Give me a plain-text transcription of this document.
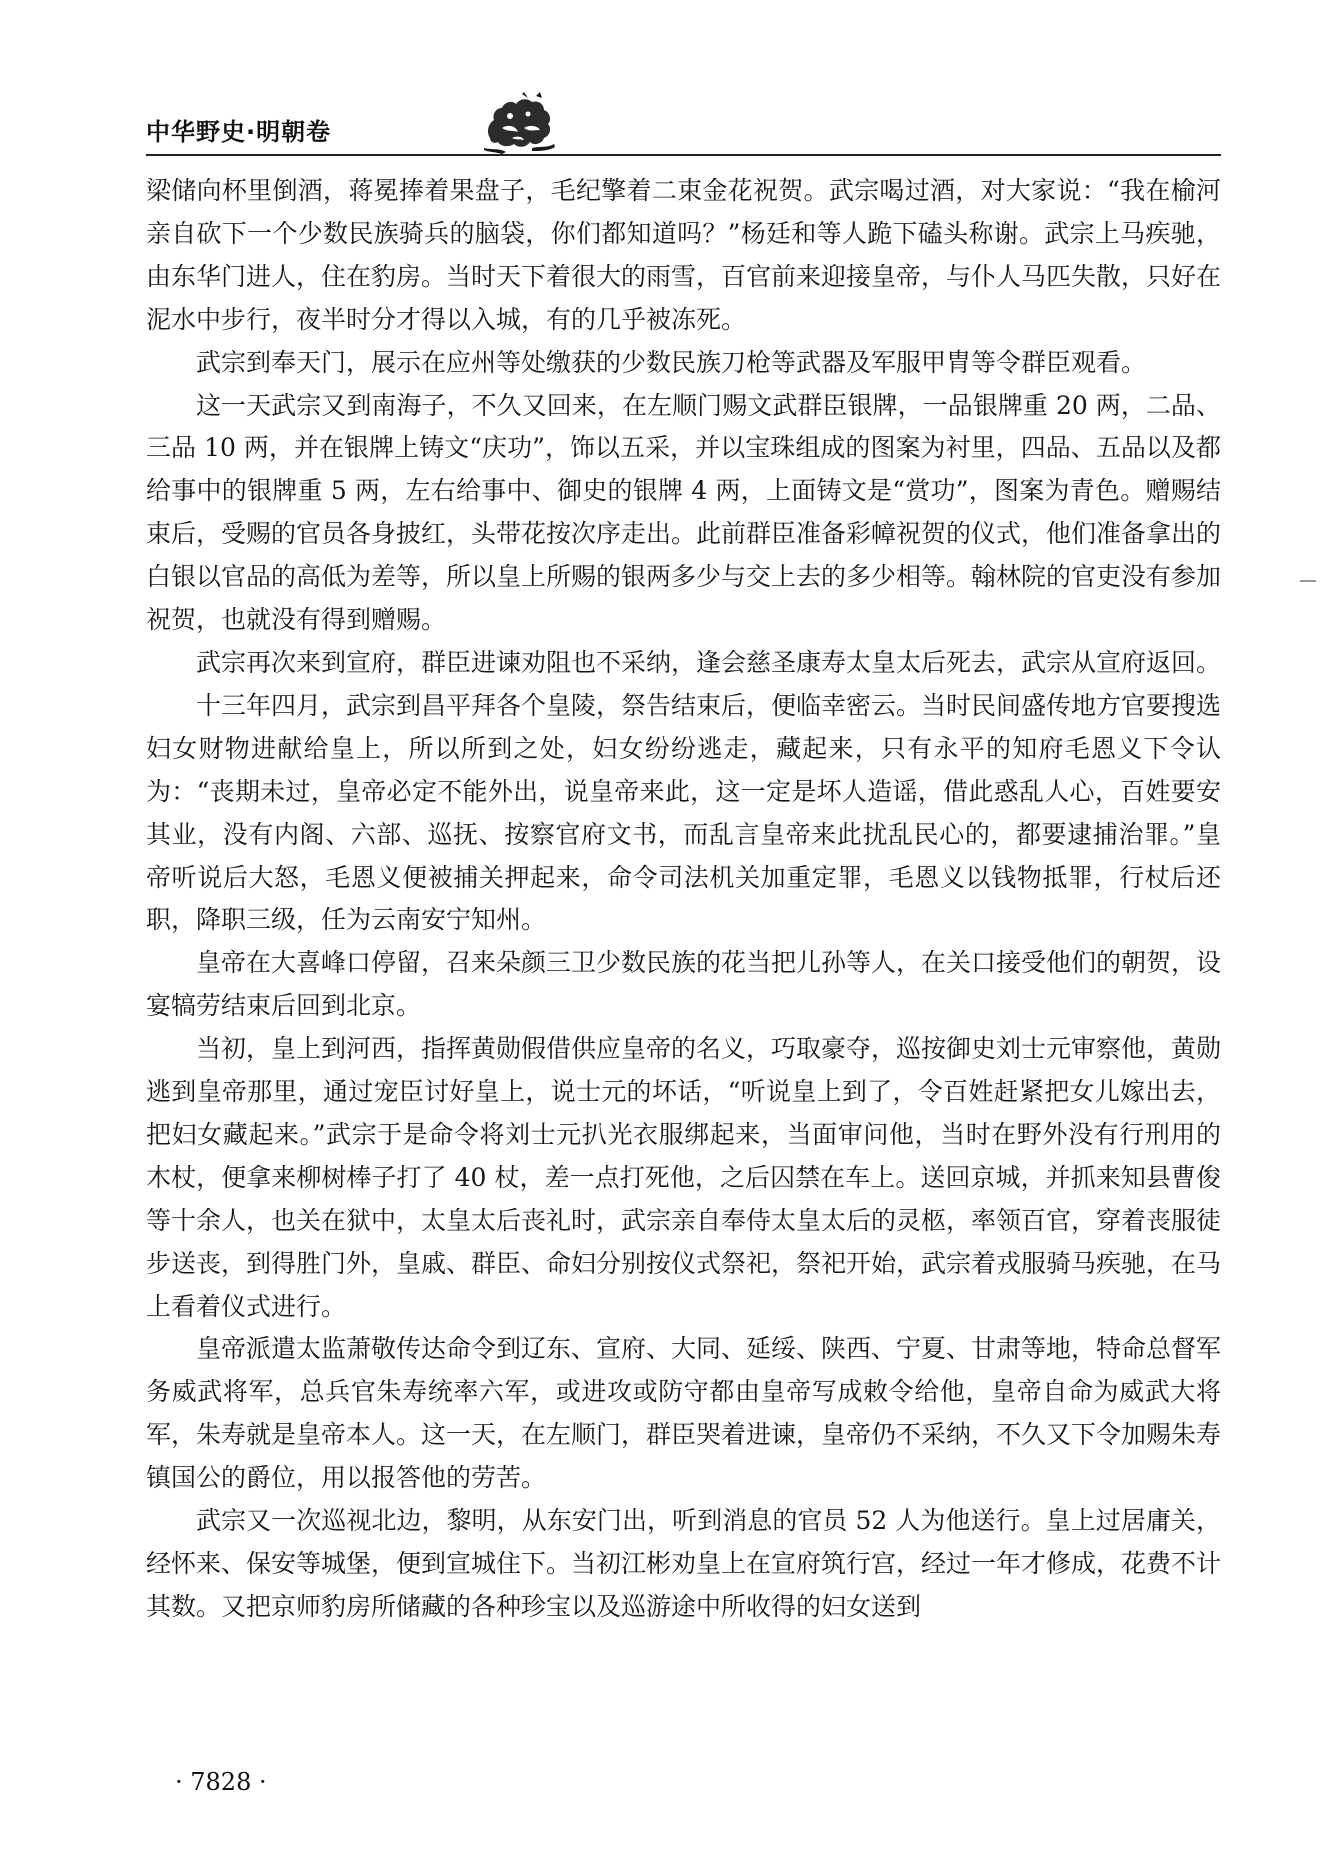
中华野史·明朝卷

梁储向杯里倒酒，蒋冕捧着果盘子，毛纪擎着二束金花祝贺。武宗喝过酒，对大家说：“我在榆河亲自砍下一个少数民族骑兵的脑袋，你们都知道吗？”杨廷和等人跪下磕头称谢。武宗上马疾驰，由东华门进人，住在豹房。当时天下着很大的雨雪，百官前来迎接皇帝，与仆人马匹失散，只好在泥水中步行，夜半时分才得以入城，有的几乎被冻死。

武宗到奉天门，展示在应州等处缴获的少数民族刀枪等武器及军服甲胄等令群臣观看。

这一天武宗又到南海子，不久又回来，在左顺门赐文武群臣银牌，一品银牌重 20 两，二品、三品 10 两，并在银牌上铸文“庆功”，饰以五采，并以宝珠组成的图案为衬里，四品、五品以及都给事中的银牌重 5 两，左右给事中、御史的银牌 4 两，上面铸文是“赏功”，图案为青色。赠赐结束后，受赐的官员各身披红，头带花按次序走出。此前群臣准备彩幛祝贺的仪式，他们准备拿出的白银以官品的高低为差等，所以皇上所赐的银两多少与交上去的多少相等。翰林院的官吏没有参加祝贺，也就没有得到赠赐。

武宗再次来到宣府，群臣进谏劝阻也不采纳，逢会慈圣康寿太皇太后死去，武宗从宣府返回。

十三年四月，武宗到昌平拜各个皇陵，祭告结束后，便临幸密云。当时民间盛传地方官要搜选妇女财物进献给皇上，所以所到之处，妇女纷纷逃走，藏起来，只有永平的知府毛恩义下令认为：“丧期未过，皇帝必定不能外出，说皇帝来此，这一定是坏人造谣，借此惑乱人心，百姓要安其业，没有内阁、六部、巡抚、按察官府文书，而乱言皇帝来此扰乱民心的，都要逮捕治罪。”皇帝听说后大怒，毛恩义便被捕关押起来，命令司法机关加重定罪，毛恩义以钱物抵罪，行杖后还职，降职三级，任为云南安宁知州。

皇帝在大喜峰口停留，召来朵颜三卫少数民族的花当把儿孙等人，在关口接受他们的朝贺，设宴犒劳结束后回到北京。

当初，皇上到河西，指挥黄勋假借供应皇帝的名义，巧取豪夺，巡按御史刘士元审察他，黄勋逃到皇帝那里，通过宠臣讨好皇上，说士元的坏话，“听说皇上到了，令百姓赶紧把女儿嫁出去，把妇女藏起来。”武宗于是命令将刘士元扒光衣服绑起来，当面审问他，当时在野外没有行刑用的木杖，便拿来柳树棒子打了 40 杖，差一点打死他，之后囚禁在车上。送回京城，并抓来知县曹俊等十余人，也关在狱中，太皇太后丧礼时，武宗亲自奉侍太皇太后的灵柩，率领百官，穿着丧服徒步送丧，到得胜门外，皇戚、群臣、命妇分别按仪式祭祀，祭祀开始，武宗着戎服骑马疾驰，在马上看着仪式进行。

皇帝派遣太监萧敬传达命令到辽东、宣府、大同、延绥、陕西、宁夏、甘肃等地，特命总督军务威武将军，总兵官朱寿统率六军，或进攻或防守都由皇帝写成敕令给他，皇帝自命为威武大将军，朱寿就是皇帝本人。这一天，在左顺门，群臣哭着进谏，皇帝仍不采纳，不久又下令加赐朱寿镇国公的爵位，用以报答他的劳苦。

武宗又一次巡视北边，黎明，从东安门出，听到消息的官员 52 人为他送行。皇上过居庸关，经怀来、保安等城堡，便到宣城住下。当初江彬劝皇上在宣府筑行宫，经过一年才修成，花费不计其数。又把京师豹房所储藏的各种珍宝以及巡游途中所收得的妇女送到

· 7828 ·
